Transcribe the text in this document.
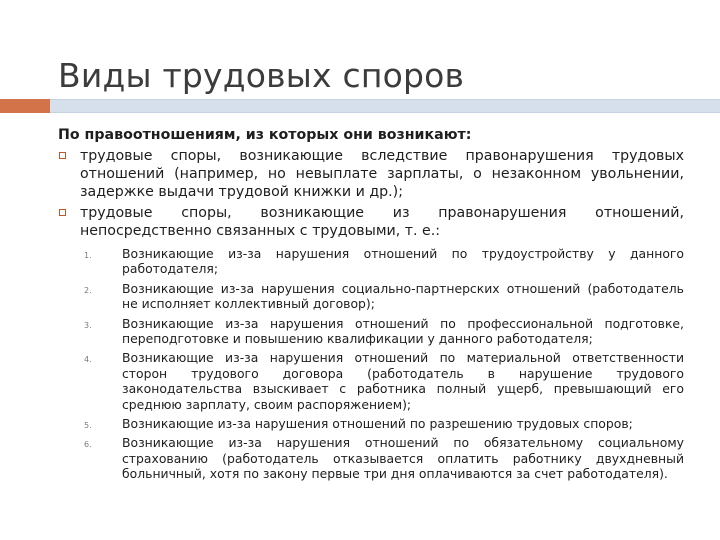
Виды трудовых споров

По правоотношениям, из которых они возникают:

трудовые споры, возникающие вследствие правонарушения трудовых отношений (например, но невыплате зарплаты, о незаконном увольнении, задержке выдачи трудовой книжки и др.);
трудовые споры, возникающие из правонарушения отношений, непосредственно связанных с трудовыми, т. е.:
1. Возникающие из-за нарушения отношений по трудоустройству у данного работодателя;
2. Возникающие из-за нарушения социально-партнерских отношений (работодатель не исполняет коллективный договор);
3. Возникающие из-за нарушения отношений по профессиональной подготовке, переподготовке и повышению квалификации у данного работодателя;
4. Возникающие из-за нарушения отношений по материальной ответственности сторон трудового договора (работодатель в нарушение трудового законодательства взыскивает с работника полный ущерб, превышающий его среднюю зарплату, своим распоряжением);
5. Возникающие из-за нарушения отношений по разрешению трудовых споров;
6. Возникающие из-за нарушения отношений по обязательному социальному страхованию (работодатель отказывается оплатить работнику двухдневный больничный, хотя по закону первые три дня оплачиваются за счет работодателя).
